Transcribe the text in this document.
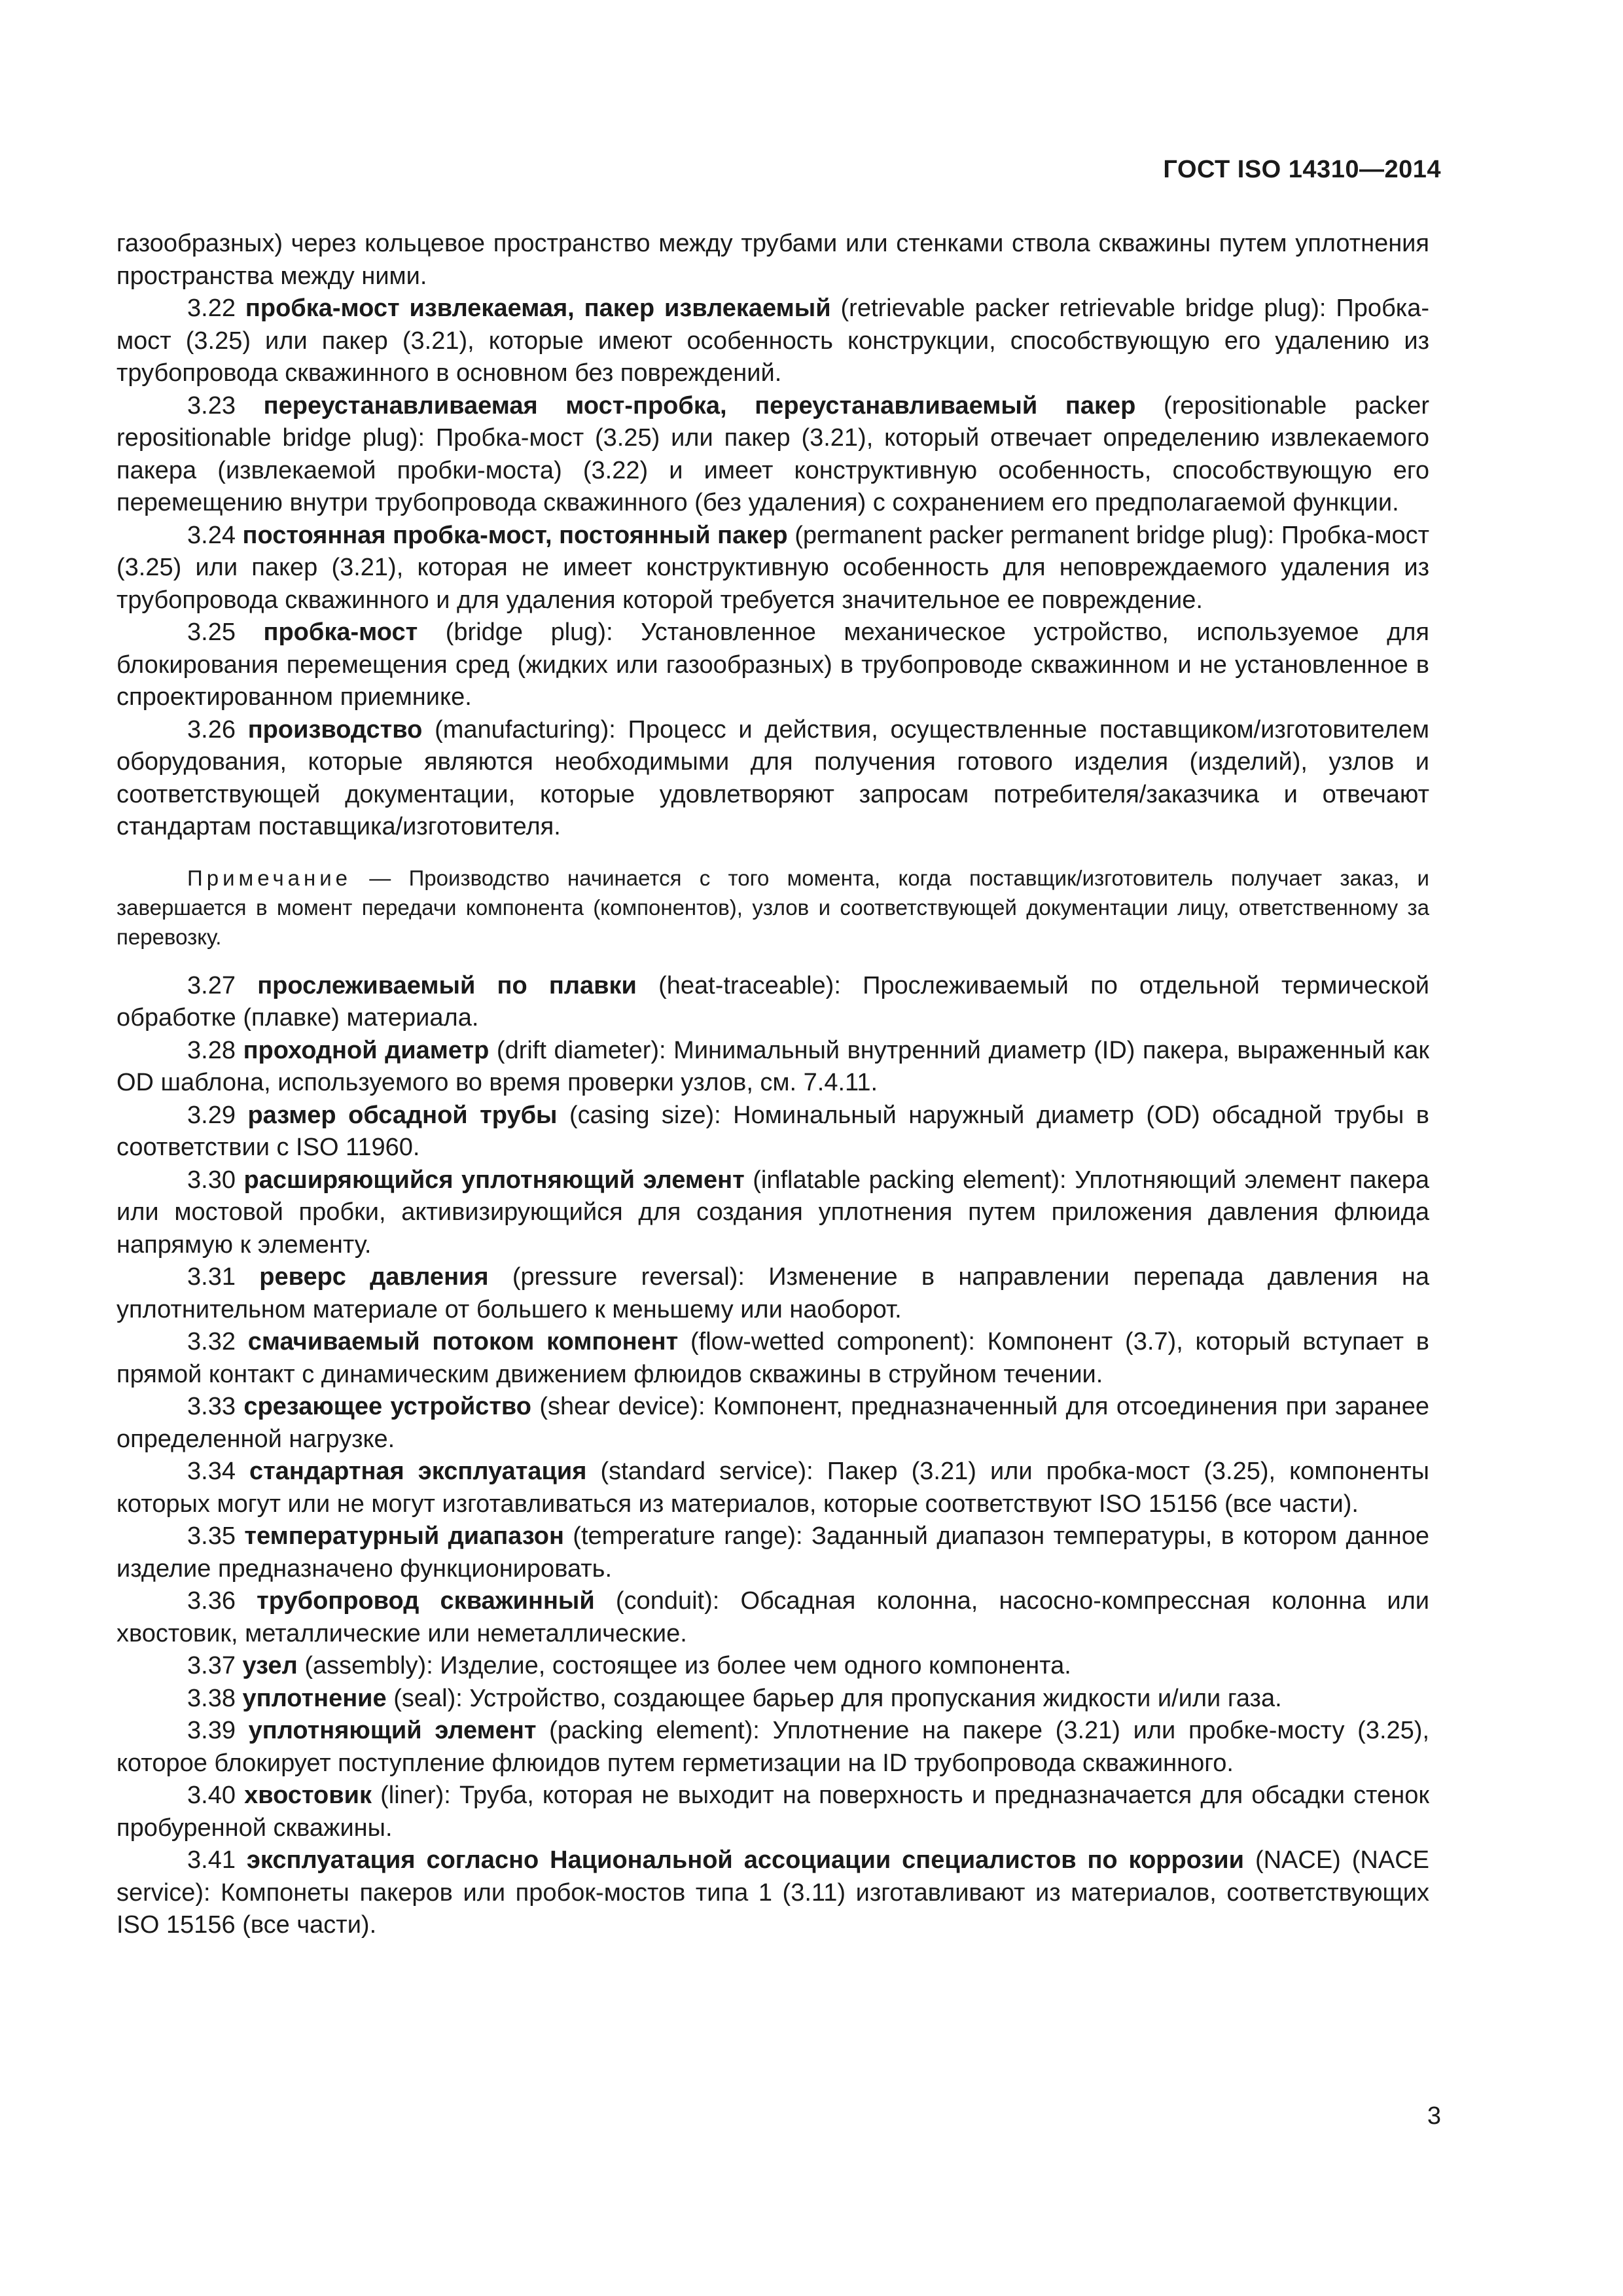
ГОСТ ISO 14310—2014

газообразных) через кольцевое пространство между трубами или стенками ствола скважины путем уплотнения пространства между ними.

3.22 пробка-мост извлекаемая, пакер извлекаемый (retrievable packer retrievable bridge plug): Пробка-мост (3.25) или пакер (3.21), которые имеют особенность конструкции, способствующую его удалению из трубопровода скважинного в основном без повреждений.

3.23 переустанавливаемая мост-пробка, переустанавливаемый пакер (repositionable packer repositionable bridge plug): Пробка-мост (3.25) или пакер (3.21), который отвечает определению извлекаемого пакера (извлекаемой пробки-моста) (3.22) и имеет конструктивную особенность, способствующую его перемещению внутри трубопровода скважинного (без удаления) с сохранением его предполагаемой функции.

3.24 постоянная пробка-мост, постоянный пакер (permanent packer permanent bridge plug): Пробка-мост (3.25) или пакер (3.21), которая не имеет конструктивную особенность для неповреждаемого удаления из трубопровода скважинного и для удаления которой требуется значительное ее повреждение.

3.25 пробка-мост (bridge plug): Установленное механическое устройство, используемое для блокирования перемещения сред (жидких или газообразных) в трубопроводе скважинном и не установленное в спроектированном приемнике.

3.26 производство (manufacturing): Процесс и действия, осуществленные поставщиком/изготовителем оборудования, которые являются необходимыми для получения готового изделия (изделий), узлов и соответствующей документации, которые удовлетворяют запросам потребителя/заказчика и отвечают стандартам поставщика/изготовителя.

Примечание — Производство начинается с того момента, когда поставщик/изготовитель получает заказ, и завершается в момент передачи компонента (компонентов), узлов и соответствующей документации лицу, ответственному за перевозку.

3.27 прослеживаемый по плавки (heat-traceable): Прослеживаемый по отдельной термической обработке (плавке) материала.

3.28 проходной диаметр (drift diameter): Минимальный внутренний диаметр (ID) пакера, выраженный как OD шаблона, используемого во время проверки узлов, см. 7.4.11.

3.29 размер обсадной трубы (casing size): Номинальный наружный диаметр (OD) обсадной трубы в соответствии с ISO 11960.

3.30 расширяющийся уплотняющий элемент (inflatable packing element): Уплотняющий элемент пакера или мостовой пробки, активизирующийся для создания уплотнения путем приложения давления флюида напрямую к элементу.

3.31 реверс давления (pressure reversal): Изменение в направлении перепада давления на уплотнительном материале от большего к меньшему или наоборот.

3.32 смачиваемый потоком компонент (flow-wetted component): Компонент (3.7), который вступает в прямой контакт с динамическим движением флюидов скважины в струйном течении.

3.33 срезающее устройство (shear device): Компонент, предназначенный для отсоединения при заранее определенной нагрузке.

3.34 стандартная эксплуатация (standard service): Пакер (3.21) или пробка-мост (3.25), компоненты которых могут или не могут изготавливаться из материалов, которые соответствуют ISO 15156 (все части).

3.35 температурный диапазон (temperature range): Заданный диапазон температуры, в котором данное изделие предназначено функционировать.

3.36 трубопровод скважинный (conduit): Обсадная колонна, насосно-компрессная колонна или хвостовик, металлические или неметаллические.

3.37 узел (assembly): Изделие, состоящее из более чем одного компонента.

3.38 уплотнение (seal): Устройство, создающее барьер для пропускания жидкости и/или газа.

3.39 уплотняющий элемент (packing element): Уплотнение на пакере (3.21) или пробке-мосту (3.25), которое блокирует поступление флюидов путем герметизации на ID трубопровода скважинного.

3.40 хвостовик (liner): Труба, которая не выходит на поверхность и предназначается для обсадки стенок пробуренной скважины.

3.41 эксплуатация согласно Национальной ассоциации специалистов по коррозии (NACE) (NACE service): Компонеты пакеров или пробок-мостов типа 1 (3.11) изготавливают из материалов, соответствующих ISO 15156 (все части).

3
